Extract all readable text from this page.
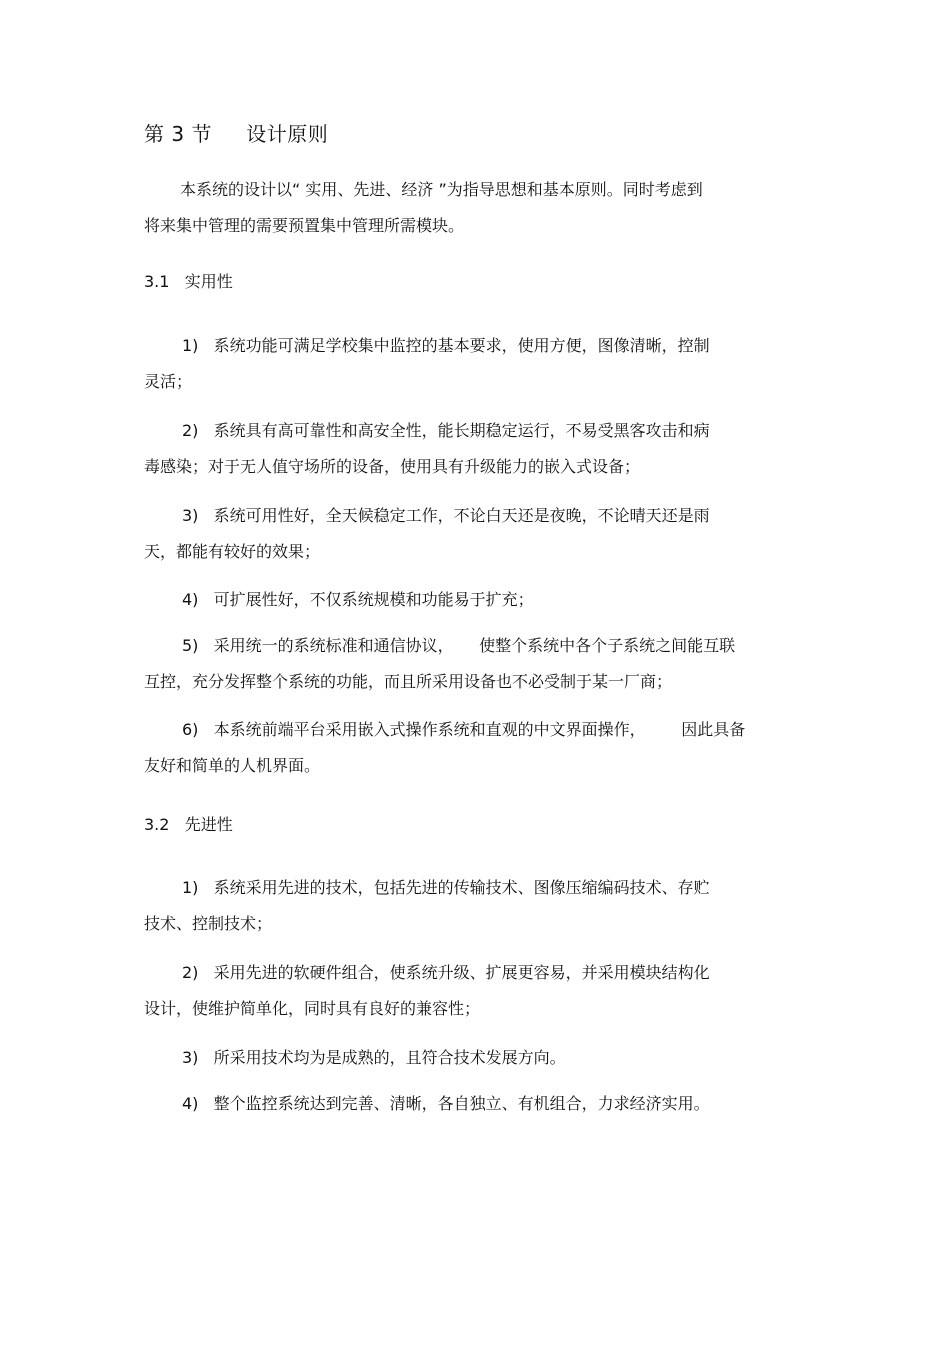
第 3 节     设计原则
本系统的设计以“ 实用、先进、经济 ”为指导思想和基本原则。同时考虑到
将来集中管理的需要预置集中管理所需模块。
3.1   实用性
1)   系统功能可满足学校集中监控的基本要求，使用方便，图像清晰，控制
灵活；
2)   系统具有高可靠性和高安全性，能长期稳定运行，不易受黑客攻击和病
毒感染；对于无人值守场所的设备，使用具有升级能力的嵌入式设备；
3)   系统可用性好，全天候稳定工作，不论白天还是夜晚，不论晴天还是雨
天，都能有较好的效果；
4)   可扩展性好，不仅系统规模和功能易于扩充；
5)   采用统一的系统标准和通信协议，     使整个系统中各个子系统之间能互联
互控，充分发挥整个系统的功能，而且所采用设备也不必受制于某一厂商；
6)   本系统前端平台采用嵌入式操作系统和直观的中文界面操作，       因此具备
友好和简单的人机界面。
3.2   先进性
1)   系统采用先进的技术，包括先进的传输技术、图像压缩编码技术、存贮
技术、控制技术；
2)   采用先进的软硬件组合，使系统升级、扩展更容易，并采用模块结构化
设计，使维护简单化，同时具有良好的兼容性；
3)   所采用技术均为是成熟的，且符合技术发展方向。
4)   整个监控系统达到完善、清晰，各自独立、有机组合，力求经济实用。
